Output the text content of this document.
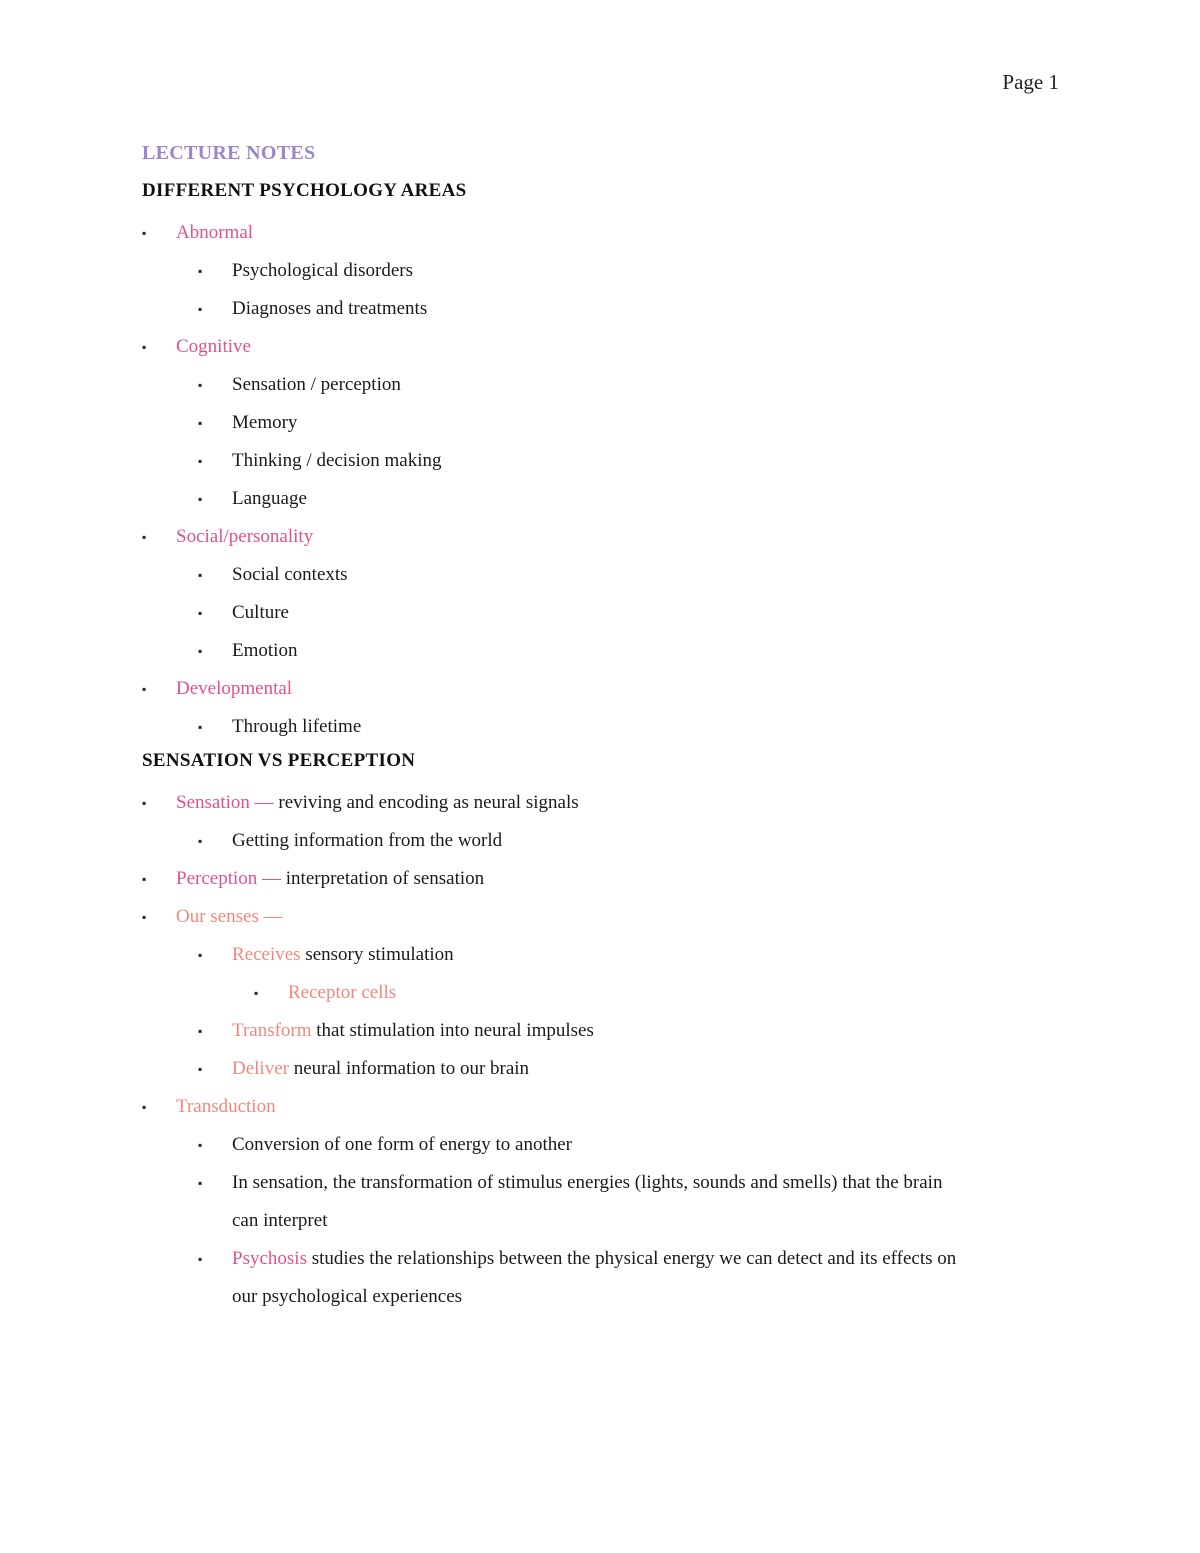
Page 1
LECTURE NOTES
DIFFERENT PSYCHOLOGY AREAS
▪ Abnormal
▪ Psychological disorders
▪ Diagnoses and treatments
▪ Cognitive
▪ Sensation / perception
▪ Memory
▪ Thinking / decision making
▪ Language
▪ Social/personality
▪ Social contexts
▪ Culture
▪ Emotion
▪ Developmental
▪ Through lifetime
SENSATION VS PERCEPTION
▪ Sensation — reviving and encoding as neural signals
▪ Getting information from the world
▪ Perception — interpretation of sensation
▪ Our senses —
▪ Receives sensory stimulation
▪ Receptor cells
▪ Transform that stimulation into neural impulses
▪ Deliver neural information to our brain
▪ Transduction
▪ Conversion of one form of energy to another
▪ In sensation, the transformation of stimulus energies (lights, sounds and smells) that the brain
can interpret
▪ Psychosis studies the relationships between the physical energy we can detect and its effects on
our psychological experiences
